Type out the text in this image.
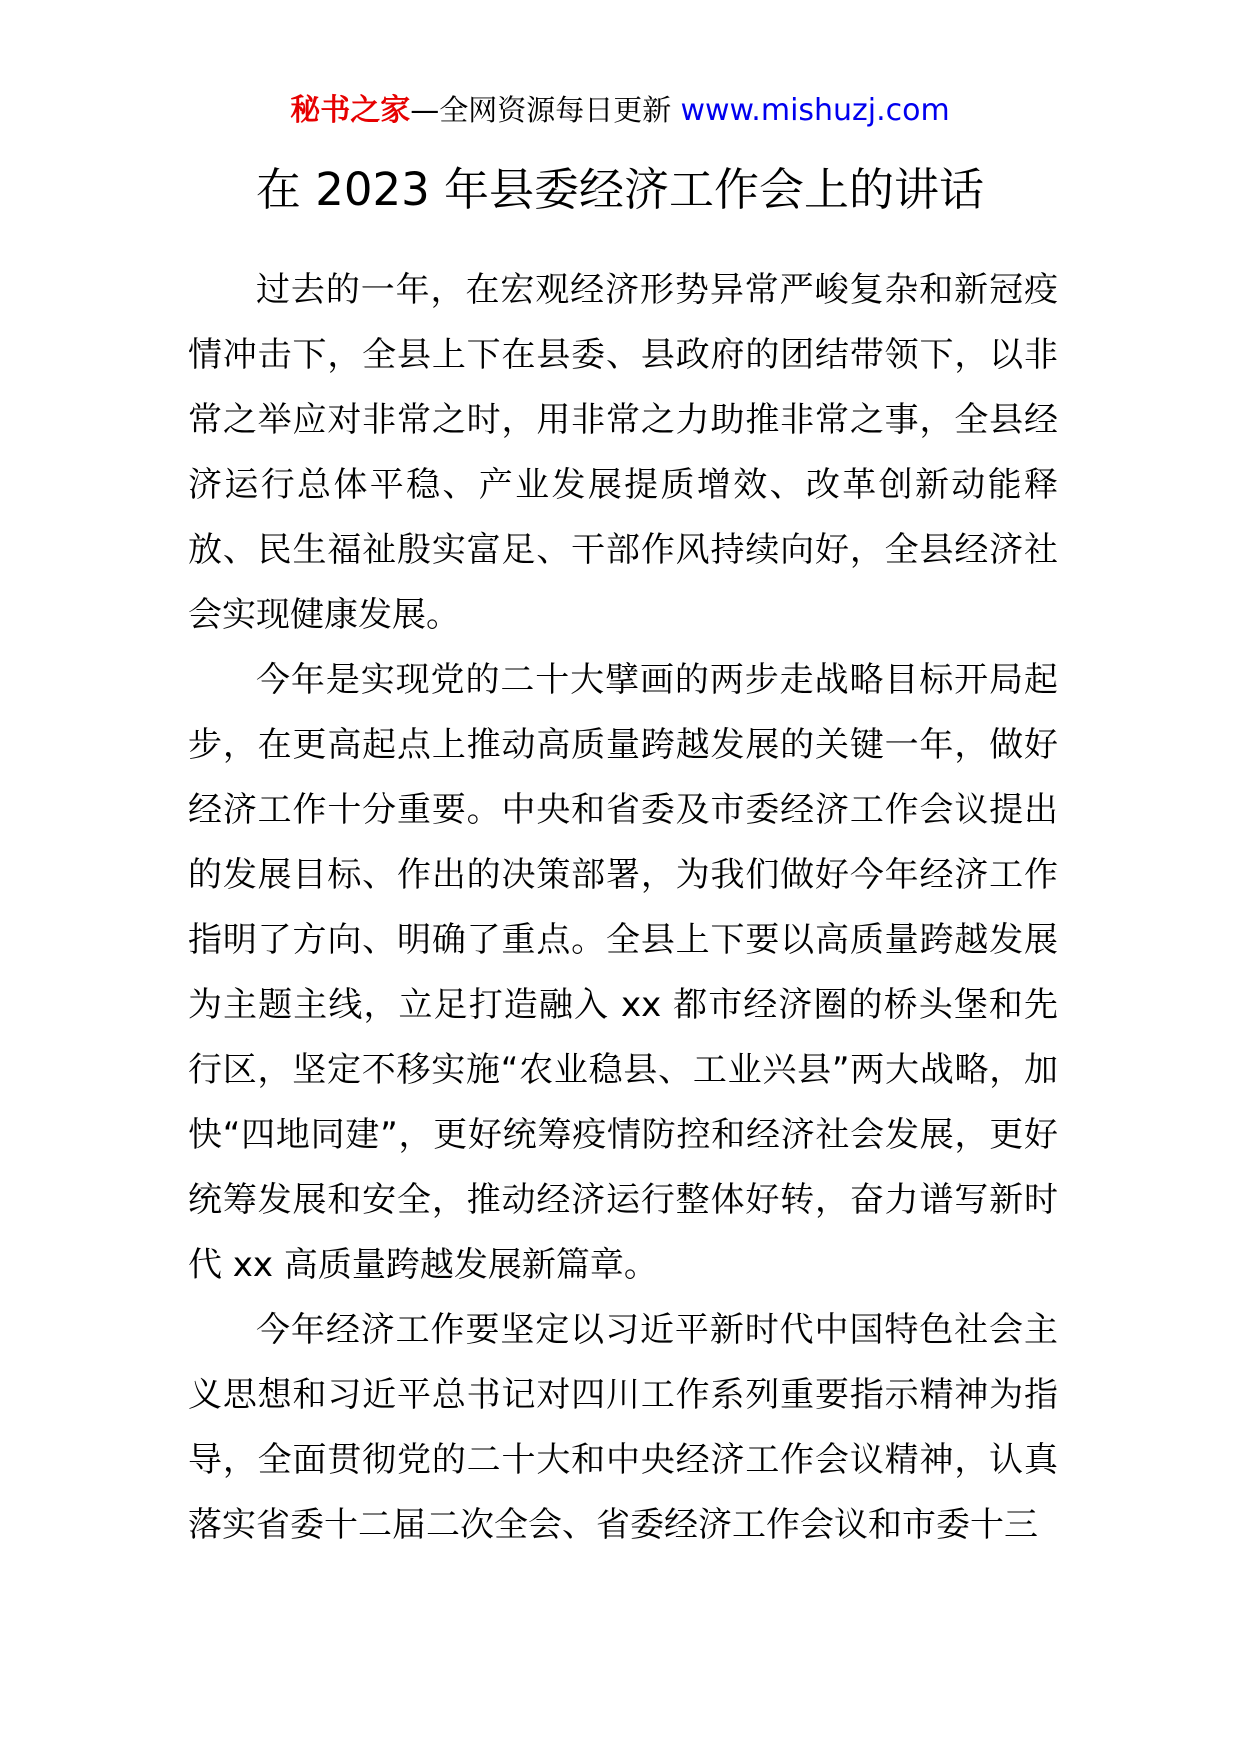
秘书之家—全网资源每日更新 www.mishuzj.com
在 2023 年县委经济工作会上的讲话

过去的一年，在宏观经济形势异常严峻复杂和新冠疫情冲击下，全县上下在县委、县政府的团结带领下，以非常之举应对非常之时，用非常之力助推非常之事，全县经济运行总体平稳、产业发展提质增效、改革创新动能释放、民生福祉殷实富足、干部作风持续向好，全县经济社会实现健康发展。

今年是实现党的二十大擘画的两步走战略目标开局起步，在更高起点上推动高质量跨越发展的关键一年，做好经济工作十分重要。中央和省委及市委经济工作会议提出的发展目标、作出的决策部署，为我们做好今年经济工作指明了方向、明确了重点。全县上下要以高质量跨越发展为主题主线，立足打造融入 xx 都市经济圈的桥头堡和先行区，坚定不移实施“农业稳县、工业兴县”两大战略，加快“四地同建”，更好统筹疫情防控和经济社会发展，更好统筹发展和安全，推动经济运行整体好转，奋力谱写新时代 xx 高质量跨越发展新篇章。

今年经济工作要坚定以习近平新时代中国特色社会主义思想和习近平总书记对四川工作系列重要指示精神为指导，全面贯彻党的二十大和中央经济工作会议精神，认真落实省委十二届二次全会、省委经济工作会议和市委十三
